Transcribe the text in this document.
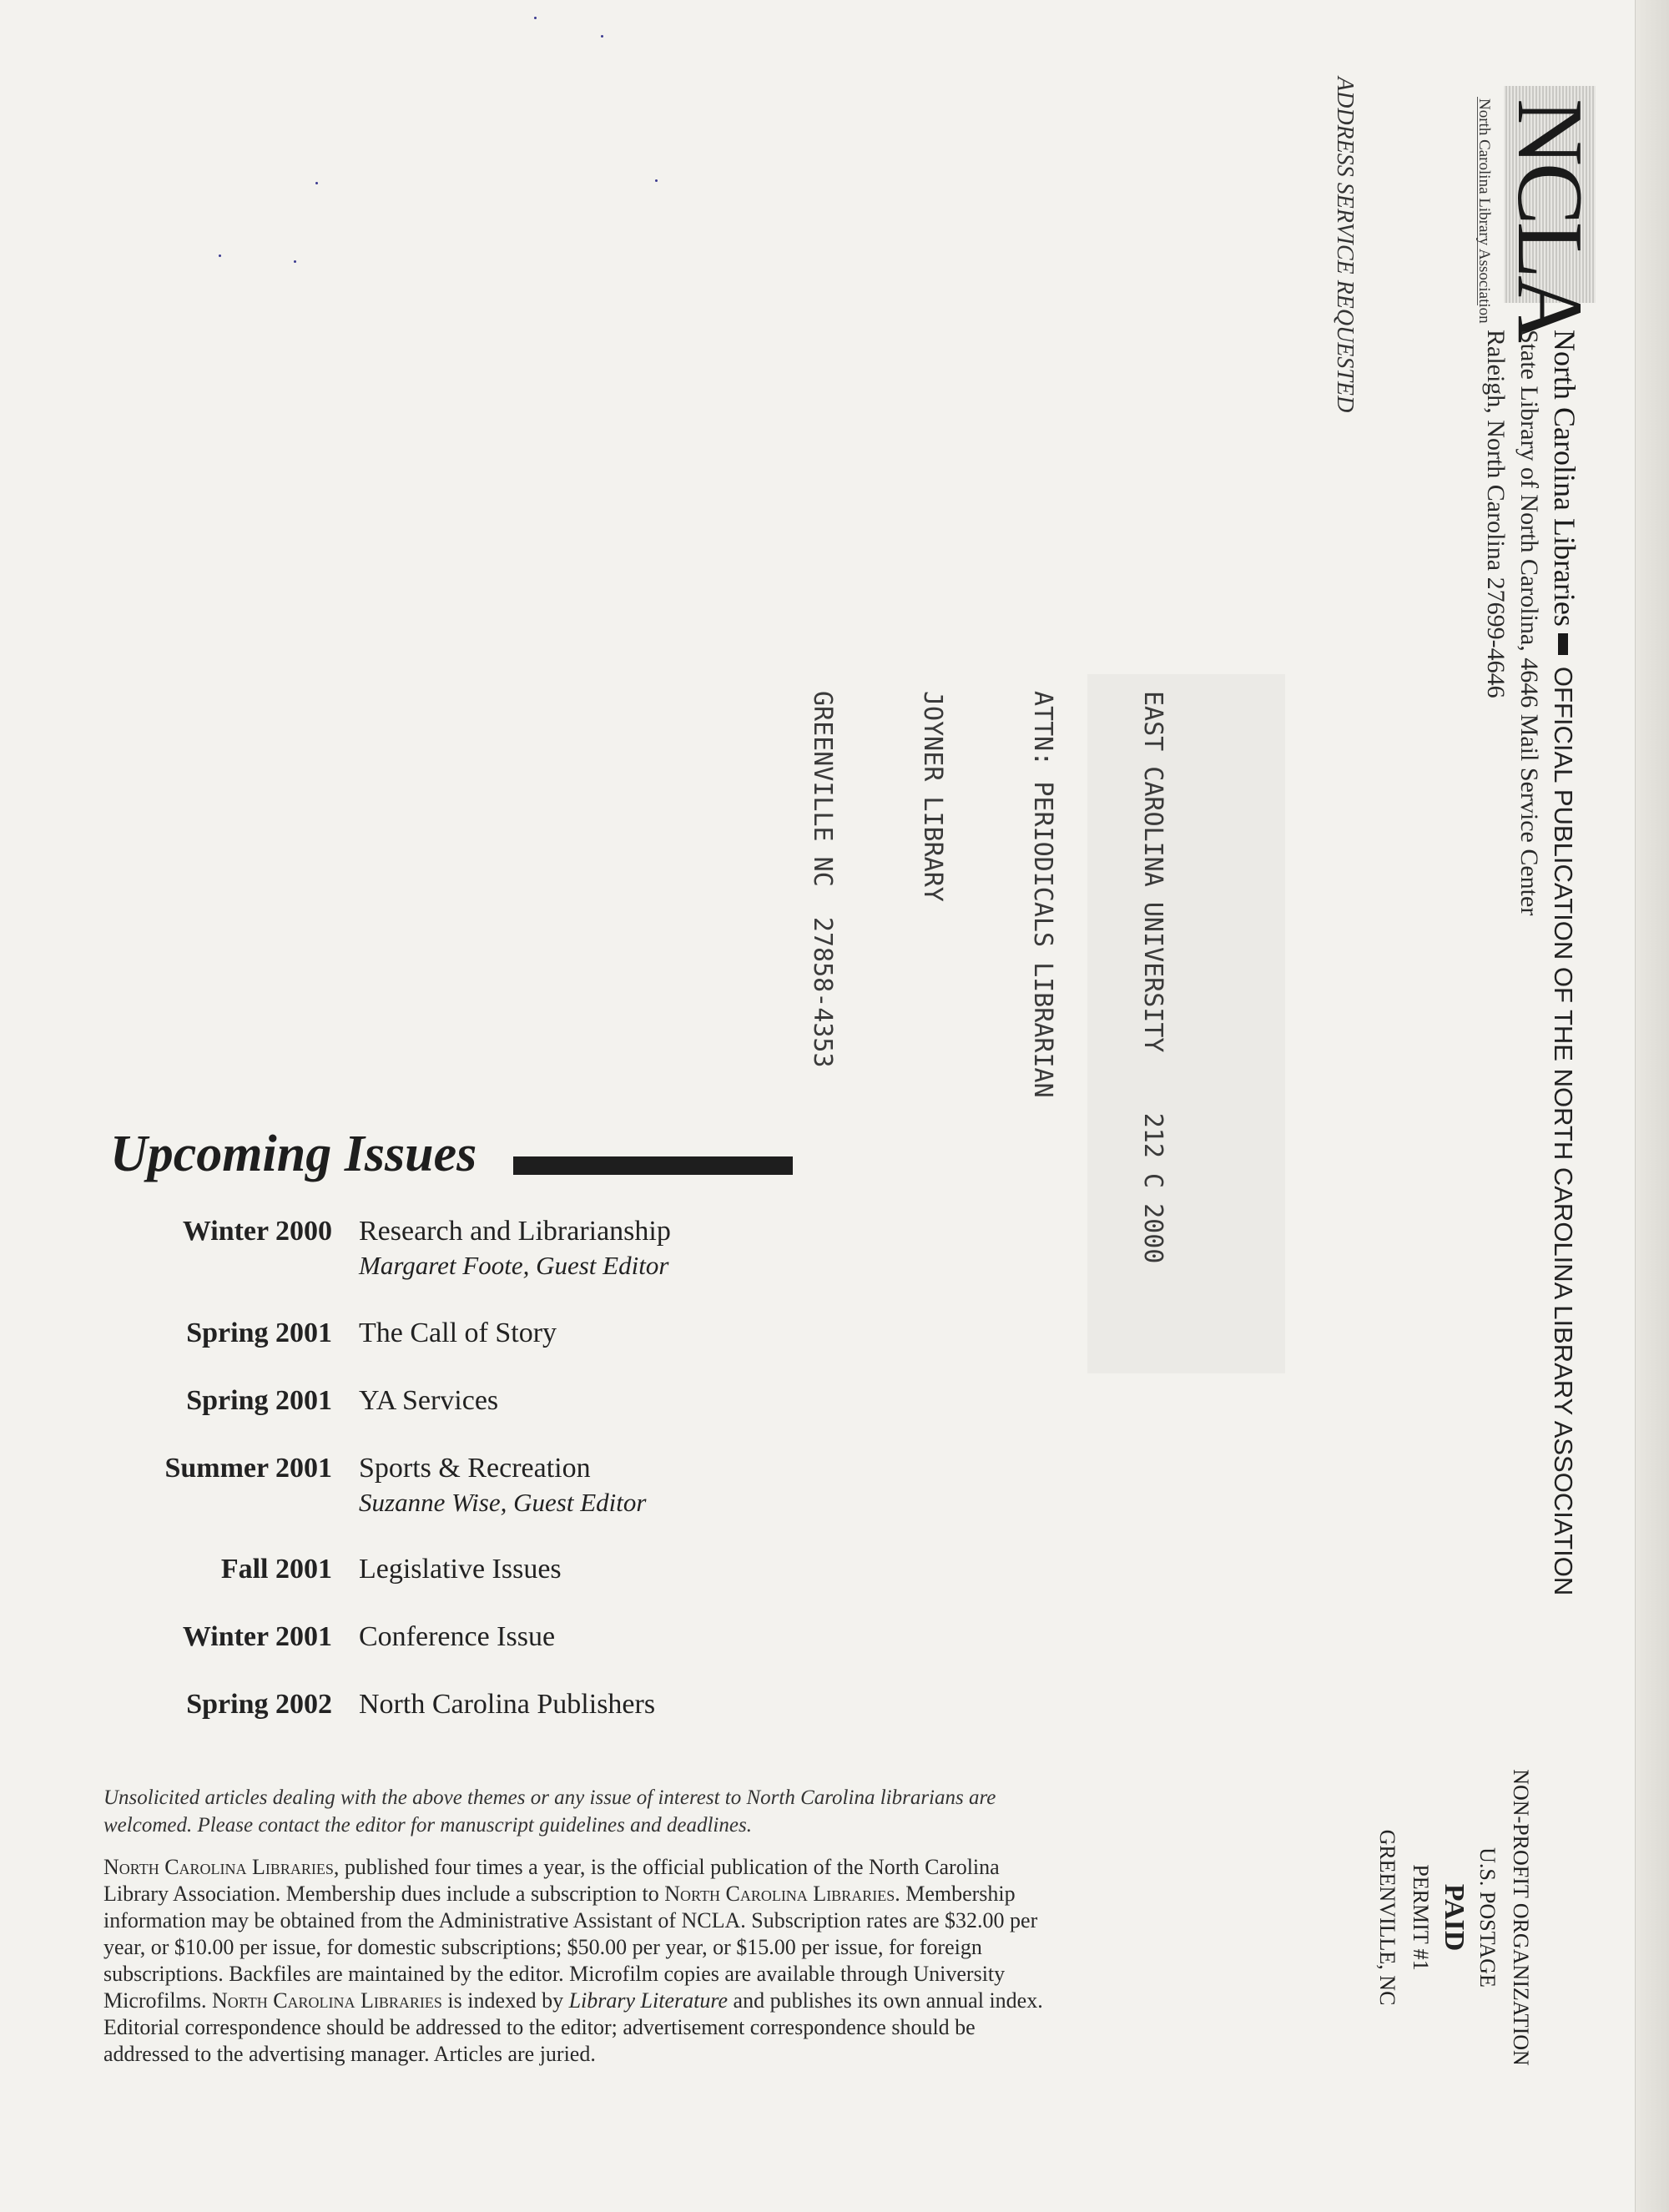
NCLA
North Carolina Library Association
North Carolina LibrariesOFFICIAL PUBLICATION OF THE NORTH CAROLINA LIBRARY ASSOCIATION
State Library of North Carolina, 4646 Mail Service Center
Raleigh, North Carolina 27699-4646
ADDRESS SERVICE REQUESTED

EAST CAROLINA UNIVERSITY    212 C 2000

ATTN: PERIODICALS LIBRARIAN

JOYNER LIBRARY

GREENVILLE NC  27858-4353

NON-PROFIT ORGANIZATION
U.S. POSTAGE
PAID
PERMIT #1
GREENVILLE, NC
Upcoming Issues
Winter 2000 Research and Librarianship
Margaret Foote, Guest Editor
Spring 2001 The Call of Story
Spring 2001 YA Services
Summer 2001 Sports & Recreation
Suzanne Wise, Guest Editor
Fall 2001 Legislative Issues
Winter 2001 Conference Issue
Spring 2002 North Carolina Publishers
Unsolicited articles dealing with the above themes or any issue of interest to North Carolina librarians are welcomed. Please contact the editor for manuscript guidelines and deadlines.
North Carolina Libraries, published four times a year, is the official publication of the North Carolina Library Association. Membership dues include a subscription to North Carolina Libraries. Membership information may be obtained from the Administrative Assistant of NCLA. Subscription rates are $32.00 per year, or $10.00 per issue, for domestic subscriptions; $50.00 per year, or $15.00 per issue, for foreign subscriptions. Backfiles are maintained by the editor. Microfilm copies are available through University Microfilms. North Carolina Libraries is indexed by Library Literature and publishes its own annual index. Editorial correspondence should be addressed to the editor; advertisement correspondence should be addressed to the advertising manager. Articles are juried.
